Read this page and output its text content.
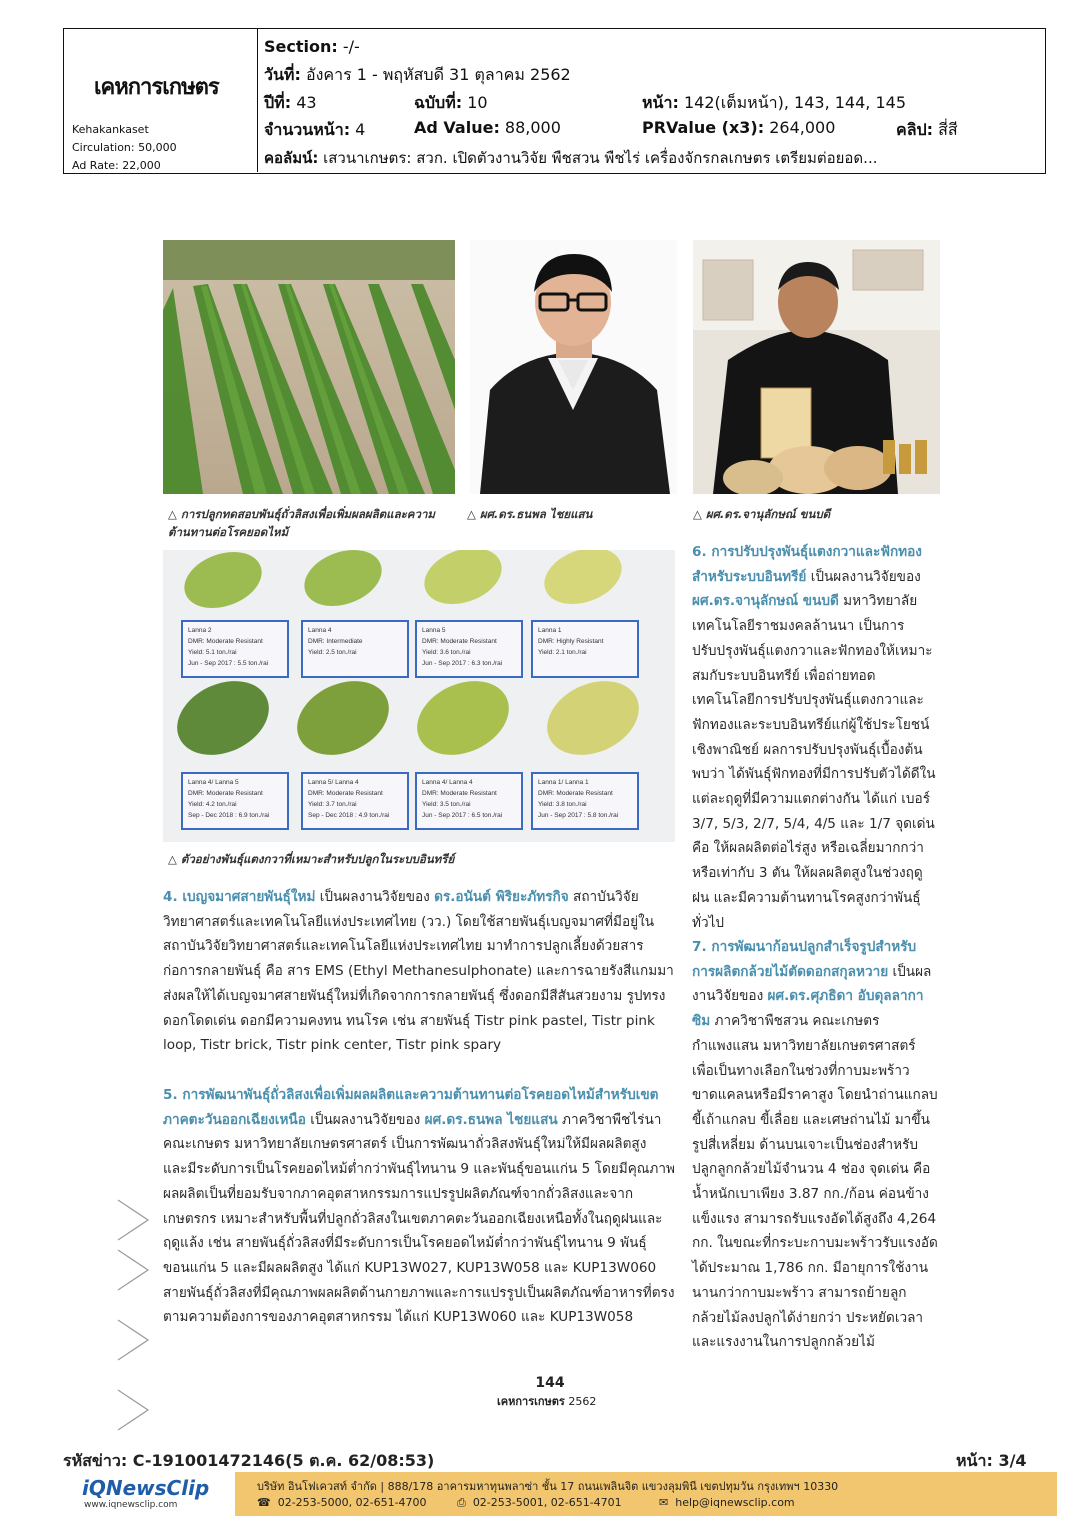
เคหการเกษตร
Kehakankaset
Circulation: 50,000
Ad Rate: 22,000
Section: -/-
วันที่: อังคาร 1 - พฤหัสบดี 31 ตุลาคม 2562
ปีที่: 43	ฉบับที่: 10	หน้า: 142(เต็มหน้า), 143, 144, 145
จำนวนหน้า: 4	Ad Value: 88,000	PRValue (x3): 264,000	คลิป: สี่สี
คอลัมน์: เสวนาเกษตร: สวก. เปิดตัวงานวิจัย พืชสวน พืชไร่ เครื่องจักรกลเกษตร เตรียมต่อยอด...
△ การปลูกทดสอบพันธุ์ถั่วลิสงเพื่อเพิ่มผลผลิตและความต้านทานต่อโรคยอดไหม้
△ ผศ.ดร.ธนพล ไชยแสน	△ ผศ.ดร.จานุลักษณ์ ขนบดี
Lanna 2
DMR: Moderate Resistant
Yield: 5.1 ton./rai
Jun - Sep 2017 : 5.5 ton./rai
Lanna 4
DMR: Intermediate
Yield: 2.5 ton./rai
Lanna 5
DMR: Moderate Resistant
Yield: 3.6 ton./rai
Jun - Sep 2017 : 6.3 ton./rai
Lanna 1
DMR: Highly Resistant
Yield: 2.1 ton./rai
Lanna 4/ Lanna 5
DMR: Moderate Resistant
Yield: 4.2 ton./rai
Sep - Dec 2018 : 6.9 ton./rai
Lanna 5/ Lanna 4
DMR: Moderate Resistant
Yield: 3.7 ton./rai
Sep - Dec 2018 : 4.9 ton./rai
Lanna 4/ Lanna 4
DMR: Moderate Resistant
Yield: 3.5 ton./rai
Jun - Sep 2017 : 6.5 ton./rai
Lanna 1/ Lanna 1
DMR: Moderate Resistant
Yield: 3.8 ton./rai
Jun - Sep 2017 : 5.8 ton./rai
△ ตัวอย่างพันธุ์แตงกวาที่เหมาะสำหรับปลูกในระบบอินทรีย์
4. เบญจมาศสายพันธุ์ใหม่ เป็นผลงานวิจัยของ ดร.อนันต์ พิริยะภัทรกิจ สถาบันวิจัยวิทยาศาสตร์และเทคโนโลยีแห่งประเทศไทย (วว.) โดยใช้สายพันธุ์เบญจมาศที่มีอยู่ในสถาบันวิจัยวิทยาศาสตร์และเทคโนโลยีแห่งประเทศไทย มาทำการปลูกเลี้ยงด้วยสารก่อการกลายพันธุ์ คือ สาร EMS (Ethyl Methanesulphonate) และการฉายรังสีแกมมา ส่งผลให้ได้เบญจมาศสายพันธุ์ใหม่ที่เกิดจากการกลายพันธุ์ ซึ่งดอกมีสีสันสวยงาม รูปทรงดอกโดดเด่น ดอกมีความคงทน ทนโรค เช่น สายพันธุ์ Tistr pink pastel, Tistr pink loop, Tistr brick, Tistr pink center, Tistr pink spary
5. การพัฒนาพันธุ์ถั่วลิสงเพื่อเพิ่มผลผลิตและความต้านทานต่อโรคยอดไหม้สำหรับเขตภาคตะวันออกเฉียงเหนือ เป็นผลงานวิจัยของ ผศ.ดร.ธนพล ไชยแสน ภาควิชาพืชไร่นา คณะเกษตร มหาวิทยาลัยเกษตรศาสตร์ เป็นการพัฒนาถั่วลิสงพันธุ์ใหม่ให้มีผลผลิตสูง และมีระดับการเป็นโรคยอดไหม้ต่ำกว่าพันธุ์ไทนาน 9 และพันธุ์ขอนแก่น 5 โดยมีคุณภาพผลผลิตเป็นที่ยอมรับจากภาคอุตสาหกรรมการแปรรูปผลิตภัณฑ์จากถั่วลิสงและจากเกษตรกร เหมาะสำหรับพื้นที่ปลูกถั่วลิสงในเขตภาคตะวันออกเฉียงเหนือทั้งในฤดูฝนและฤดูแล้ง เช่น สายพันธุ์ถั่วลิสงที่มีระดับการเป็นโรคยอดไหม้ต่ำกว่าพันธุ์ไทนาน 9 พันธุ์ขอนแก่น 5 และมีผลผลิตสูง ได้แก่ KUP13W027, KUP13W058 และ KUP13W060 สายพันธุ์ถั่วลิสงที่มีคุณภาพผลผลิตด้านกายภาพและการแปรรูปเป็นผลิตภัณฑ์อาหารที่ตรงตามความต้องการของภาคอุตสาหกรรม ได้แก่ KUP13W060 และ KUP13W058
6. การปรับปรุงพันธุ์แตงกวาและฟักทองสำหรับระบบอินทรีย์ เป็นผลงานวิจัยของ ผศ.ดร.จานุลักษณ์ ขนบดี มหาวิทยาลัยเทคโนโลยีราชมงคลล้านนา เป็นการปรับปรุงพันธุ์แตงกวาและฟักทองให้เหมาะสมกับระบบอินทรีย์ เพื่อถ่ายทอดเทคโนโลยีการปรับปรุงพันธุ์แตงกวาและฟักทองและระบบอินทรีย์แก่ผู้ใช้ประโยชน์เชิงพาณิชย์ ผลการปรับปรุงพันธุ์เบื้องต้นพบว่า ได้พันธุ์ฟักทองที่มีการปรับตัวได้ดีในแต่ละฤดูที่มีความแตกต่างกัน ได้แก่ เบอร์ 3/7, 5/3, 2/7, 5/4, 4/5 และ 1/7 จุดเด่นคือ ให้ผลผลิตต่อไร่สูง หรือเฉลี่ยมากกว่าหรือเท่ากับ 3 ตัน ให้ผลผลิตสูงในช่วงฤดูฝน และมีความต้านทานโรคสูงกว่าพันธุ์ทั่วไป
7. การพัฒนาก้อนปลูกสำเร็จรูปสำหรับการผลิตกล้วยไม้ตัดดอกสกุลหวาย เป็นผลงานวิจัยของ ผศ.ดร.ศุภธิดา อับดุลลากาซิม ภาควิชาพืชสวน คณะเกษตร กำแพงแสน มหาวิทยาลัยเกษตรศาสตร์ เพื่อเป็นทางเลือกในช่วงที่กาบมะพร้าวขาดแคลนหรือมีราคาสูง โดยนำถ่านแกลบ ขี้เถ้าแกลบ ขี้เลื่อย และเศษถ่านไม้ มาขึ้นรูปสี่เหลี่ยม ด้านบนเจาะเป็นช่องสำหรับปลูกลูกกล้วยไม้จำนวน 4 ช่อง จุดเด่น คือ น้ำหนักเบาเพียง 3.87 กก./ก้อน ค่อนข้างแข็งแรง สามารถรับแรงอัดได้สูงถึง 4,264 กก. ในขณะที่กระบะกาบมะพร้าวรับแรงอัดได้ประมาณ 1,786 กก. มีอายุการใช้งานนานกว่ากาบมะพร้าว สามารถย้ายลูกกล้วยไม้ลงปลูกได้ง่ายกว่า ประหยัดเวลาและแรงงานในการปลูกกล้วยไม้
144
เคหการเกษตร 2562
รหัสข่าว: C-191001472146(5 ต.ค. 62/08:53)	หน้า: 3/4
iQNewsClip
www.iqnewsclip.com
บริษัท อินโฟเควสท์ จำกัด | 888/178 อาคารมหาทุนพลาซ่า ชั้น 17 ถนนเพลินจิต แขวงลุมพินี เขตปทุมวัน กรุงเทพฯ 10330
☎ 02-253-5000, 02-651-4700	⎙ 02-253-5001, 02-651-4701	✉ help@iqnewsclip.com
